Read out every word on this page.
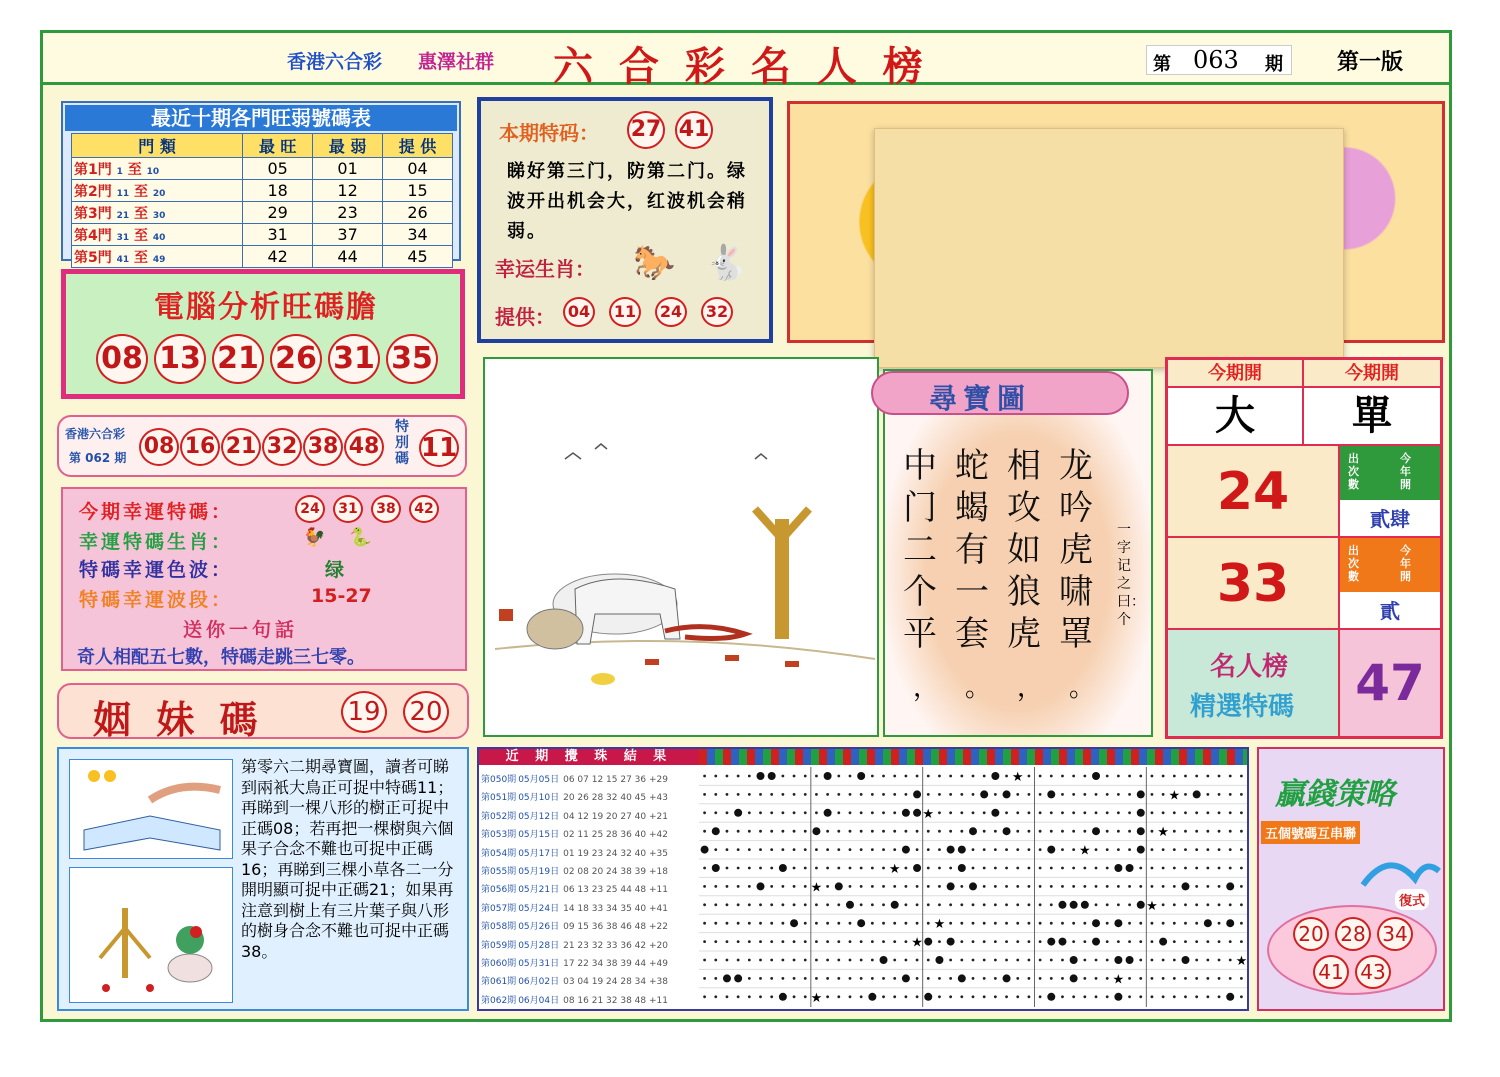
香港六合彩 惠澤社群 六 合 彩 名 人 榜	第 063 期 第一版
最近十期各門旺弱號碼表
門 類	最 旺	最 弱	提 供
第1門 1 至 10	05	01	04
第2門 11 至 20	18	12	15
第3門 21 至 30	29	23	26
第4門 31 至 40	31	37	34
第5門 41 至 49	42	44	45
電腦分析旺碼膽
08 13 21 26 31 35
香港六合彩
第 062 期 08 16 21 32 38 48
特別碼 11
今期幸運特碼：	24 31 38 42
幸運特碼生肖：	🐓 🐍
特碼幸運色波：	绿
特碼幸運波段：	15-27
送你一句話
奇人相配五七數，特碼走跳三七零。
姻 妹 碼	19 20
本期特码： 27 41
睇好第三门，防第二门。绿波开出机会大，红波机会稍弱。
幸运生肖： 🐎 🐇
提供： 04 11 24 32
尋寶圖
龙吟虎啸罩
。
相攻如狼虎
，
蛇蝎有一套
。
中门二个平
，
一字记之曰：个
今期開	今期開
大	單
24
出次數
今年開
貳肆
33
出次數
今年開
貳
名人榜
精選特碼	47
第零六二期尋寶圖，讀者可睇到兩衹大鳥正可捉中特碼11；再睇到一棵八形的樹正可捉中正碼08；若再把一棵樹與六個果子合念不難也可捉中正碼16；再睇到三棵小草各二一分開明顯可捉中正碼21；如果再注意到樹上有三片葉子與八形的樹身合念不難也可捉中正碼38。
近 期 攪 珠 結 果
第050期 05月05日 06 07 12 15 27 36 +29
第051期 05月10日 20 26 28 32 40 45 +43
第052期 05月12日 04 12 19 20 27 40 +21
第053期 05月15日 02 11 25 28 36 40 +42
第054期 05月17日 01 19 23 24 32 40 +35
第055期 05月19日 02 08 20 24 38 39 +18
第056期 05月21日 06 13 23 25 44 48 +11
第057期 05月24日 14 18 33 34 35 40 +41
第058期 05月26日 09 15 36 38 46 48 +22
第059期 05月28日 21 23 32 33 36 42 +20
第060期 05月31日 17 22 34 38 39 44 +49
第061期 06月02日 03 04 19 24 28 34 +38
第062期 06月04日 08 16 21 32 38 48 +11
★
★
★
★
★
★
★
★
★
★
★
★
★
贏錢策略
五個號碼互串聯
復式
20 28 34
41 43
